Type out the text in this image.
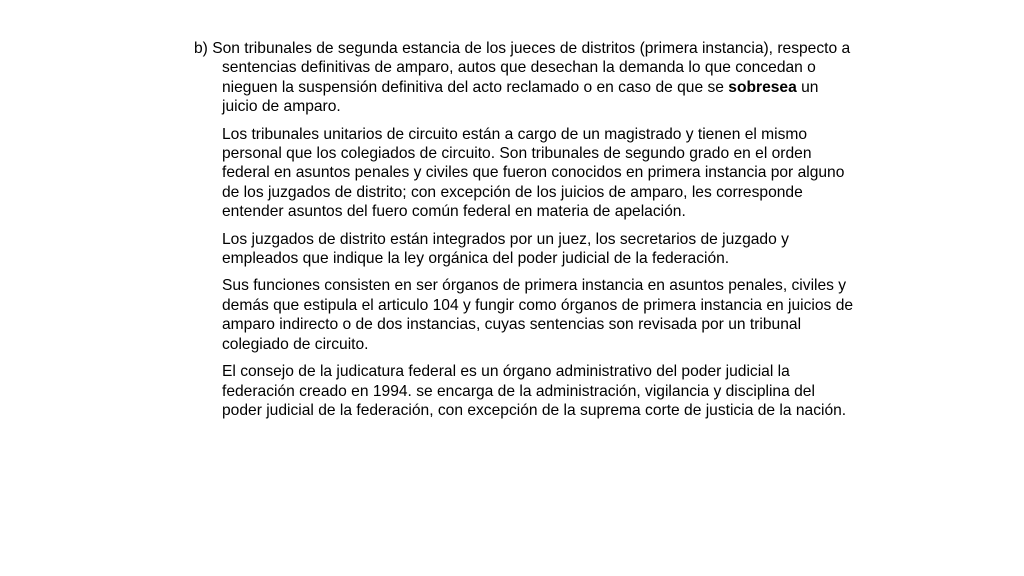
b) Son tribunales de segunda estancia de los jueces de distritos (primera instancia), respecto a sentencias definitivas de amparo, autos que desechan la demanda lo que concedan o nieguen la suspensión definitiva del acto reclamado o en caso de que se sobresea un juicio de amparo.

Los tribunales unitarios de circuito están a cargo de un magistrado y tienen el mismo personal que los colegiados de circuito. Son tribunales de segundo grado en el orden federal en asuntos penales y civiles que fueron conocidos en primera instancia por alguno de los juzgados de distrito; con excepción de los juicios de amparo, les corresponde entender asuntos del fuero común federal en materia de apelación.

Los juzgados de distrito están integrados por un juez, los secretarios de juzgado y empleados que indique la ley orgánica del poder judicial de la federación.

Sus funciones consisten en ser órganos de primera instancia en asuntos penales, civiles y demás que estipula el articulo 104 y fungir como órganos de primera instancia en juicios de amparo indirecto o de dos instancias, cuyas sentencias son revisada por un tribunal colegiado de circuito.

El consejo de la judicatura federal es un órgano administrativo del poder judicial la federación creado en 1994. se encarga de la administración, vigilancia y disciplina del poder judicial de la federación, con excepción de la suprema corte de justicia de la nación.
